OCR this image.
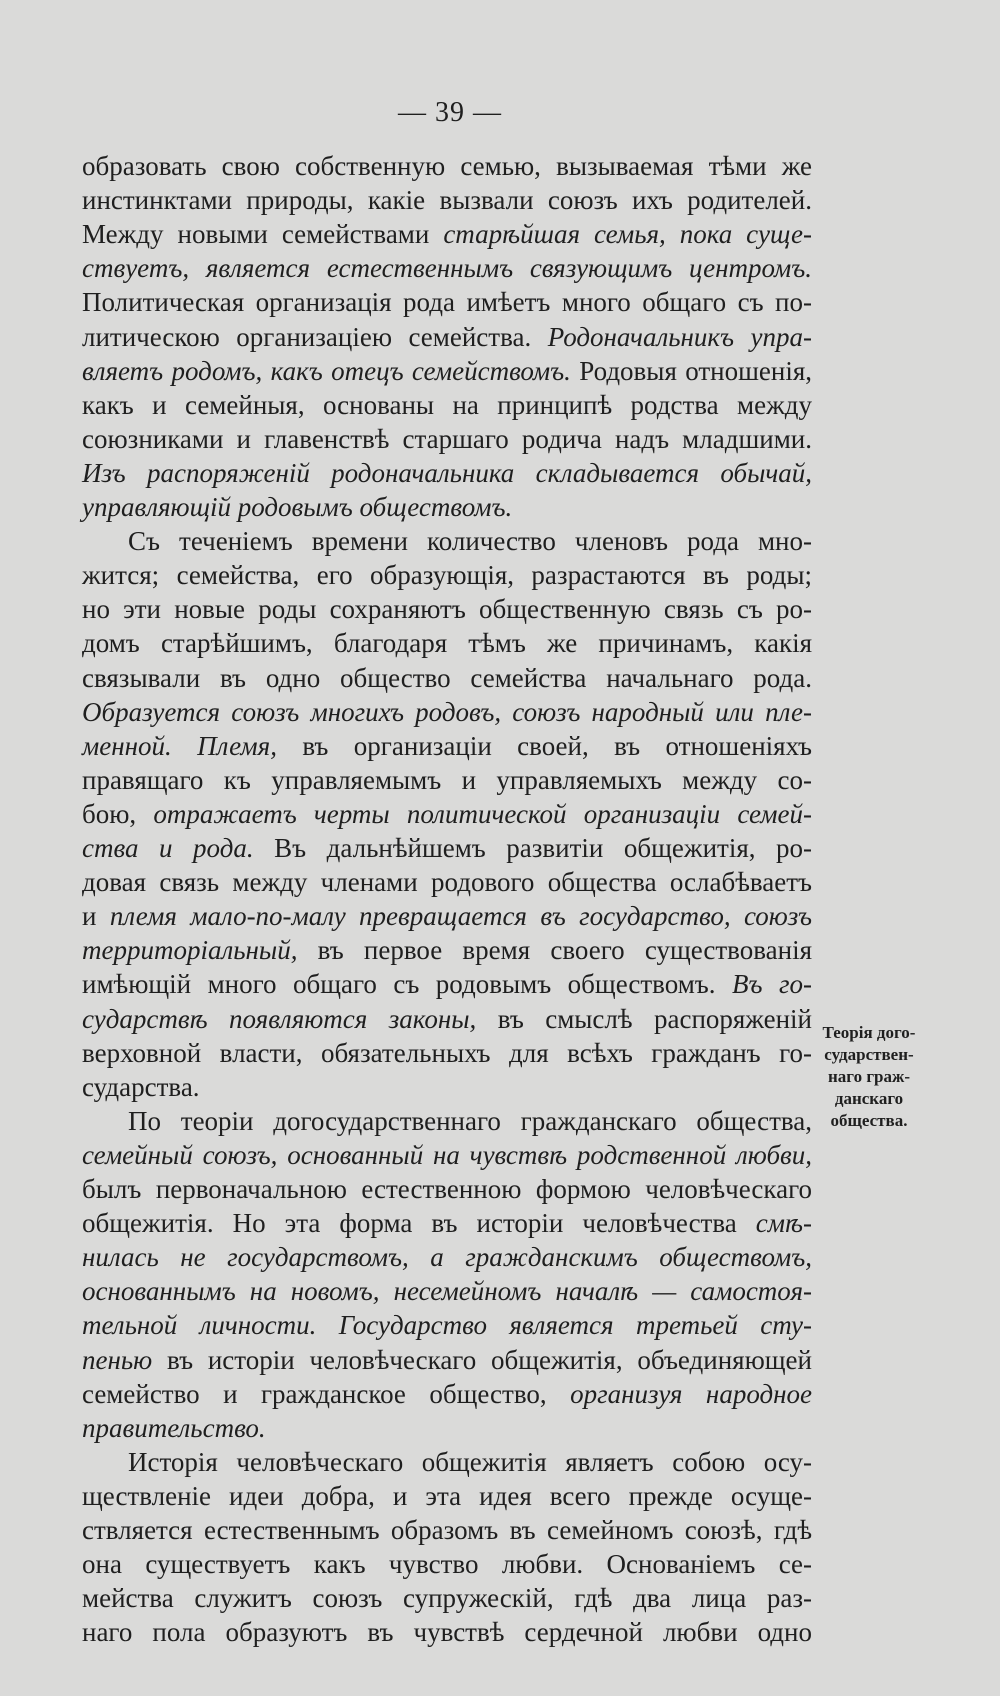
— 39 —
образовать свою собственную семью, вызываемая тѣми же
инстинктами природы, какіе вызвали союзъ ихъ родителей.
Между новыми семействами старѣйшая семья, пока суще-
ствуетъ, является естественнымъ связующимъ центромъ.
Политическая организація рода имѣетъ много общаго съ по-
литическою организаціею семейства. Родоначальникъ упра-
вляетъ родомъ, какъ отецъ семействомъ. Родовыя отношенія,
какъ и семейныя, основаны на принципѣ родства между
союзниками и главенствѣ старшаго родича надъ младшими.
Изъ распоряженій родоначальника складывается обычай,
управляющій родовымъ обществомъ.
Съ теченіемъ времени количество членовъ рода мно-
жится; семейства, его образующія, разрастаются въ роды;
но эти новые роды сохраняютъ общественную связь съ ро-
домъ старѣйшимъ, благодаря тѣмъ же причинамъ, какія
связывали въ одно общество семейства начальнаго рода.
Образуется союзъ многихъ родовъ, союзъ народный или пле-
менной. Племя, въ организаціи своей, въ отношеніяхъ
правящаго къ управляемымъ и управляемыхъ между со-
бою, отражаетъ черты политической организаціи семей-
ства и рода. Въ дальнѣйшемъ развитіи общежитія, ро-
довая связь между членами родового общества ослабѣваетъ
и племя мало-по-малу превращается въ государство, союзъ
территоріальный, въ первое время своего существованія
имѣющій много общаго съ родовымъ обществомъ. Въ го-
сударствѣ появляются законы, въ смыслѣ распоряженій
верховной власти, обязательныхъ для всѣхъ гражданъ го-
сударства.
По теоріи догосударственнаго гражданскаго общества,
семейный союзъ, основанный на чувствѣ родственной любви,
былъ первоначальною естественною формою человѣческаго
общежитія. Но эта форма въ исторіи человѣчества смѣ-
нилась не государствомъ, а гражданскимъ обществомъ,
основаннымъ на новомъ, несемейномъ началѣ — самостоя-
тельной личности. Государство является третьей сту-
пенью въ исторіи человѣческаго общежитія, объединяющей
семейство и гражданское общество, организуя народное
правительство.
Исторія человѣческаго общежитія являетъ собою осу-
ществленіе идеи добра, и эта идея всего прежде осуще-
ствляется естественнымъ образомъ въ семейномъ союзѣ, гдѣ
она существуетъ какъ чувство любви. Основаніемъ се-
мейства служитъ союзъ супружескій, гдѣ два лица раз-
наго пола образуютъ въ чувствѣ сердечной любви одно
Теорія дого-
сударствен-
наго граж-
данскаго
общества.
